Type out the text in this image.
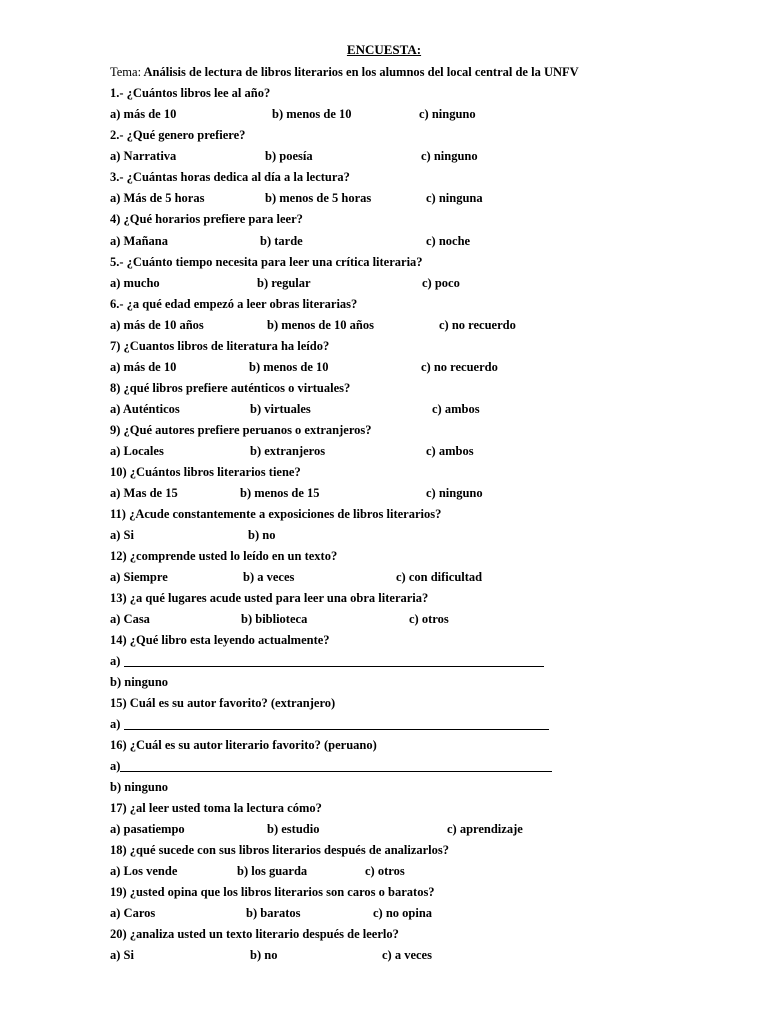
ENCUESTA:
Tema: Análisis de lectura de libros literarios en los alumnos del local central de la UNFV
1.- ¿Cuántos libros lee al año?
a) más de 10	b) menos de 10	c) ninguno
2.- ¿Qué genero prefiere?
a) Narrativa	b) poesía	c) ninguno
3.- ¿Cuántas horas dedica al día a la lectura?
a) Más de 5 horas	b) menos de 5 horas	c) ninguna
4) ¿Qué horarios prefiere para leer?
a) Mañana	b) tarde	c) noche
5.- ¿Cuánto tiempo necesita para leer una crítica literaria?
a) mucho	b) regular	c) poco
6.- ¿a qué edad empezó a leer obras literarias?
a) más de 10 años	b) menos de 10 años	c) no recuerdo
7) ¿Cuantos libros de literatura ha leído?
a) más de 10	b) menos de 10	c) no recuerdo
8) ¿qué libros prefiere auténticos o virtuales?
a) Auténticos	b) virtuales	c) ambos
9) ¿Qué autores prefiere peruanos o extranjeros?
a) Locales	b) extranjeros	c) ambos
10) ¿Cuántos libros literarios tiene?
a) Mas de 15	b) menos de 15	c) ninguno
11) ¿Acude constantemente a exposiciones de libros literarios?
a) Si	b) no
12) ¿comprende usted lo leído en un texto?
a) Siempre	b) a veces	c) con dificultad
13) ¿a qué lugares acude usted para leer una obra literaria?
a) Casa	b) biblioteca	c) otros
14) ¿Qué libro esta leyendo actualmente?
a)
b) ninguno
15) Cuál es su autor favorito? (extranjero)
a)
16) ¿Cuál es su autor literario favorito? (peruano)
a)
b) ninguno
17) ¿al leer usted toma la lectura cómo?
a) pasatiempo	b) estudio	c) aprendizaje
18) ¿qué sucede con sus libros literarios después de analizarlos?
a) Los vende	b) los guarda	c) otros
19) ¿usted opina que los libros literarios son caros o baratos?
a) Caros	b) baratos	c) no opina
20) ¿analiza usted un texto literario después de leerlo?
a) Si	b) no	c) a veces
